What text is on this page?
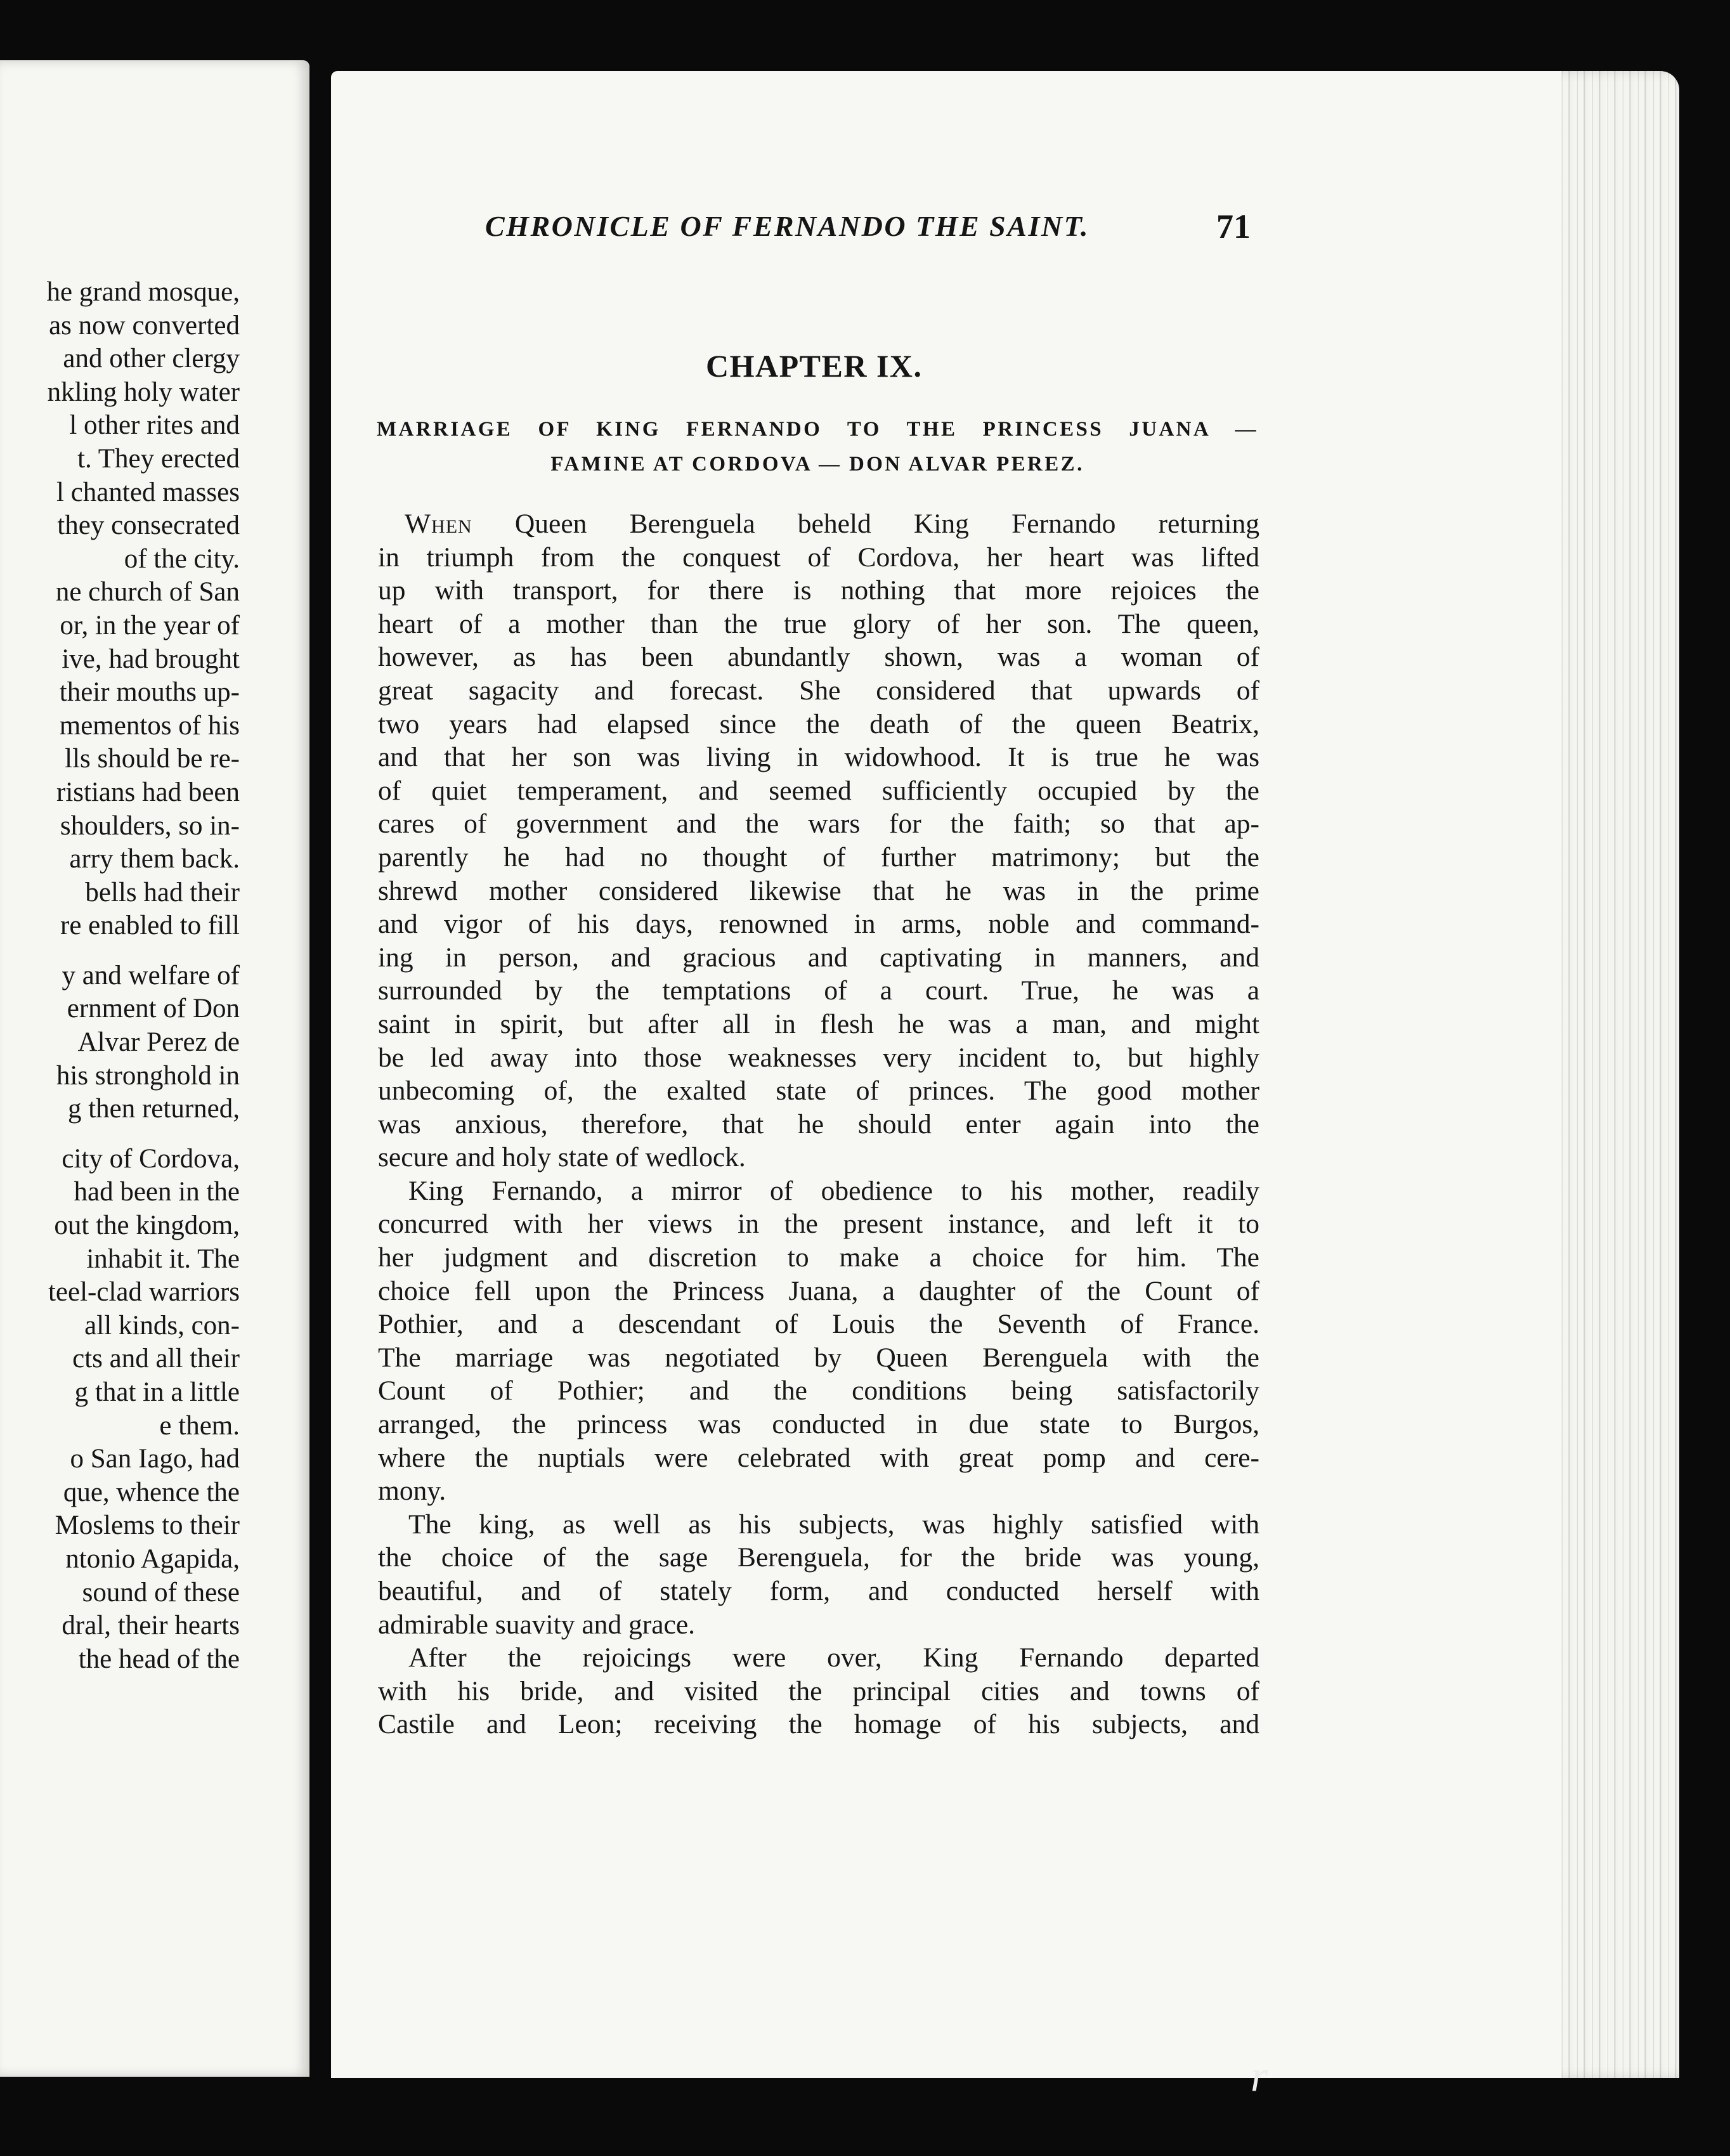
he grand mosque,
as now converted
and other clergy
nkling holy water
l other rites and
t. They erected
l chanted masses
they consecrated
of the city.
ne church of San
or, in the year of
ive, had brought
their mouths up-
mementos of his
lls should be re-
ristians had been
shoulders, so in-
arry them back.
bells had their
re enabled to fill
y and welfare of
ernment of Don
Alvar Perez de
his stronghold in
g then returned,
city of Cordova,
had been in the
out the kingdom,
inhabit it. The
teel-clad warriors
all kinds, con-
cts and all their
g that in a little
e them.
o San Iago, had
que, whence the
Moslems to their
ntonio Agapida,
sound of these
dral, their hearts
the head of the
CHRONICLE OF FERNANDO THE SAINT.	71
CHAPTER IX.
MARRIAGE OF KING FERNANDO TO THE PRINCESS JUANA —
FAMINE AT CORDOVA — DON ALVAR PEREZ.
When Queen Berenguela beheld King Fernando returning
in triumph from the conquest of Cordova, her heart was lifted
up with transport, for there is nothing that more rejoices the
heart of a mother than the true glory of her son. The queen,
however, as has been abundantly shown, was a woman of
great sagacity and forecast. She considered that upwards of
two years had elapsed since the death of the queen Beatrix,
and that her son was living in widowhood. It is true he was
of quiet temperament, and seemed sufficiently occupied by the
cares of government and the wars for the faith; so that ap-
parently he had no thought of further matrimony; but the
shrewd mother considered likewise that he was in the prime
and vigor of his days, renowned in arms, noble and command-
ing in person, and gracious and captivating in manners, and
surrounded by the temptations of a court. True, he was a
saint in spirit, but after all in flesh he was a man, and might
be led away into those weaknesses very incident to, but highly
unbecoming of, the exalted state of princes. The good mother
was anxious, therefore, that he should enter again into the
secure and holy state of wedlock.
King Fernando, a mirror of obedience to his mother, readily
concurred with her views in the present instance, and left it to
her judgment and discretion to make a choice for him. The
choice fell upon the Princess Juana, a daughter of the Count of
Pothier, and a descendant of Louis the Seventh of France.
The marriage was negotiated by Queen Berenguela with the
Count of Pothier; and the conditions being satisfactorily
arranged, the princess was conducted in due state to Burgos,
where the nuptials were celebrated with great pomp and cere-
mony.
The king, as well as his subjects, was highly satisfied with
the choice of the sage Berenguela, for the bride was young,
beautiful, and of stately form, and conducted herself with
admirable suavity and grace.
After the rejoicings were over, King Fernando departed
with his bride, and visited the principal cities and towns of
Castile and Leon; receiving the homage of his subjects, and
r
